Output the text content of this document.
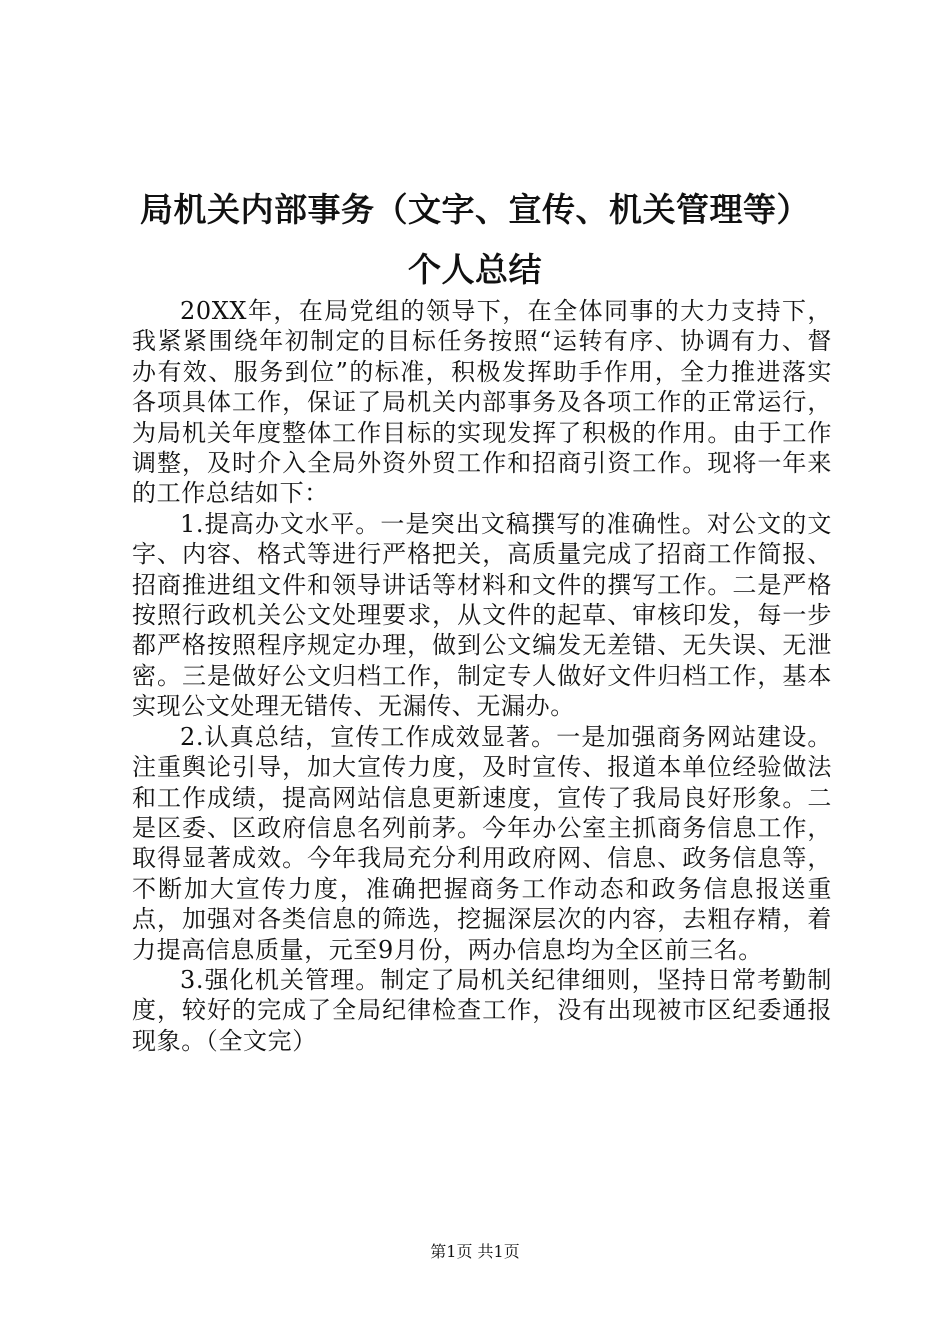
局机关内部事务（文字、宣传、机关管理等）
个人总结

20XX年，在局党组的领导下，在全体同事的大力支持下，我紧紧围绕年初制定的目标任务按照“运转有序、协调有力、督办有效、服务到位”的标准，积极发挥助手作用，全力推进落实各项具体工作，保证了局机关内部事务及各项工作的正常运行，为局机关年度整体工作目标的实现发挥了积极的作用。由于工作调整，及时介入全局外资外贸工作和招商引资工作。现将一年来的工作总结如下：

1.提高办文水平。一是突出文稿撰写的准确性。对公文的文字、内容、格式等进行严格把关，高质量完成了招商工作简报、招商推进组文件和领导讲话等材料和文件的撰写工作。二是严格按照行政机关公文处理要求，从文件的起草、审核印发，每一步都严格按照程序规定办理，做到公文编发无差错、无失误、无泄密。三是做好公文归档工作，制定专人做好文件归档工作，基本实现公文处理无错传、无漏传、无漏办。

2.认真总结，宣传工作成效显著。一是加强商务网站建设。注重舆论引导，加大宣传力度，及时宣传、报道本单位经验做法和工作成绩，提高网站信息更新速度，宣传了我局良好形象。二是区委、区政府信息名列前茅。今年办公室主抓商务信息工作，取得显著成效。今年我局充分利用政府网、信息、政务信息等，不断加大宣传力度，准确把握商务工作动态和政务信息报送重点，加强对各类信息的筛选，挖掘深层次的内容，去粗存精，着力提高信息质量，元至9月份，两办信息均为全区前三名。

3.强化机关管理。制定了局机关纪律细则，坚持日常考勤制度，较好的完成了全局纪律检查工作，没有出现被市区纪委通报现象。（全文完）

第1页 共1页
